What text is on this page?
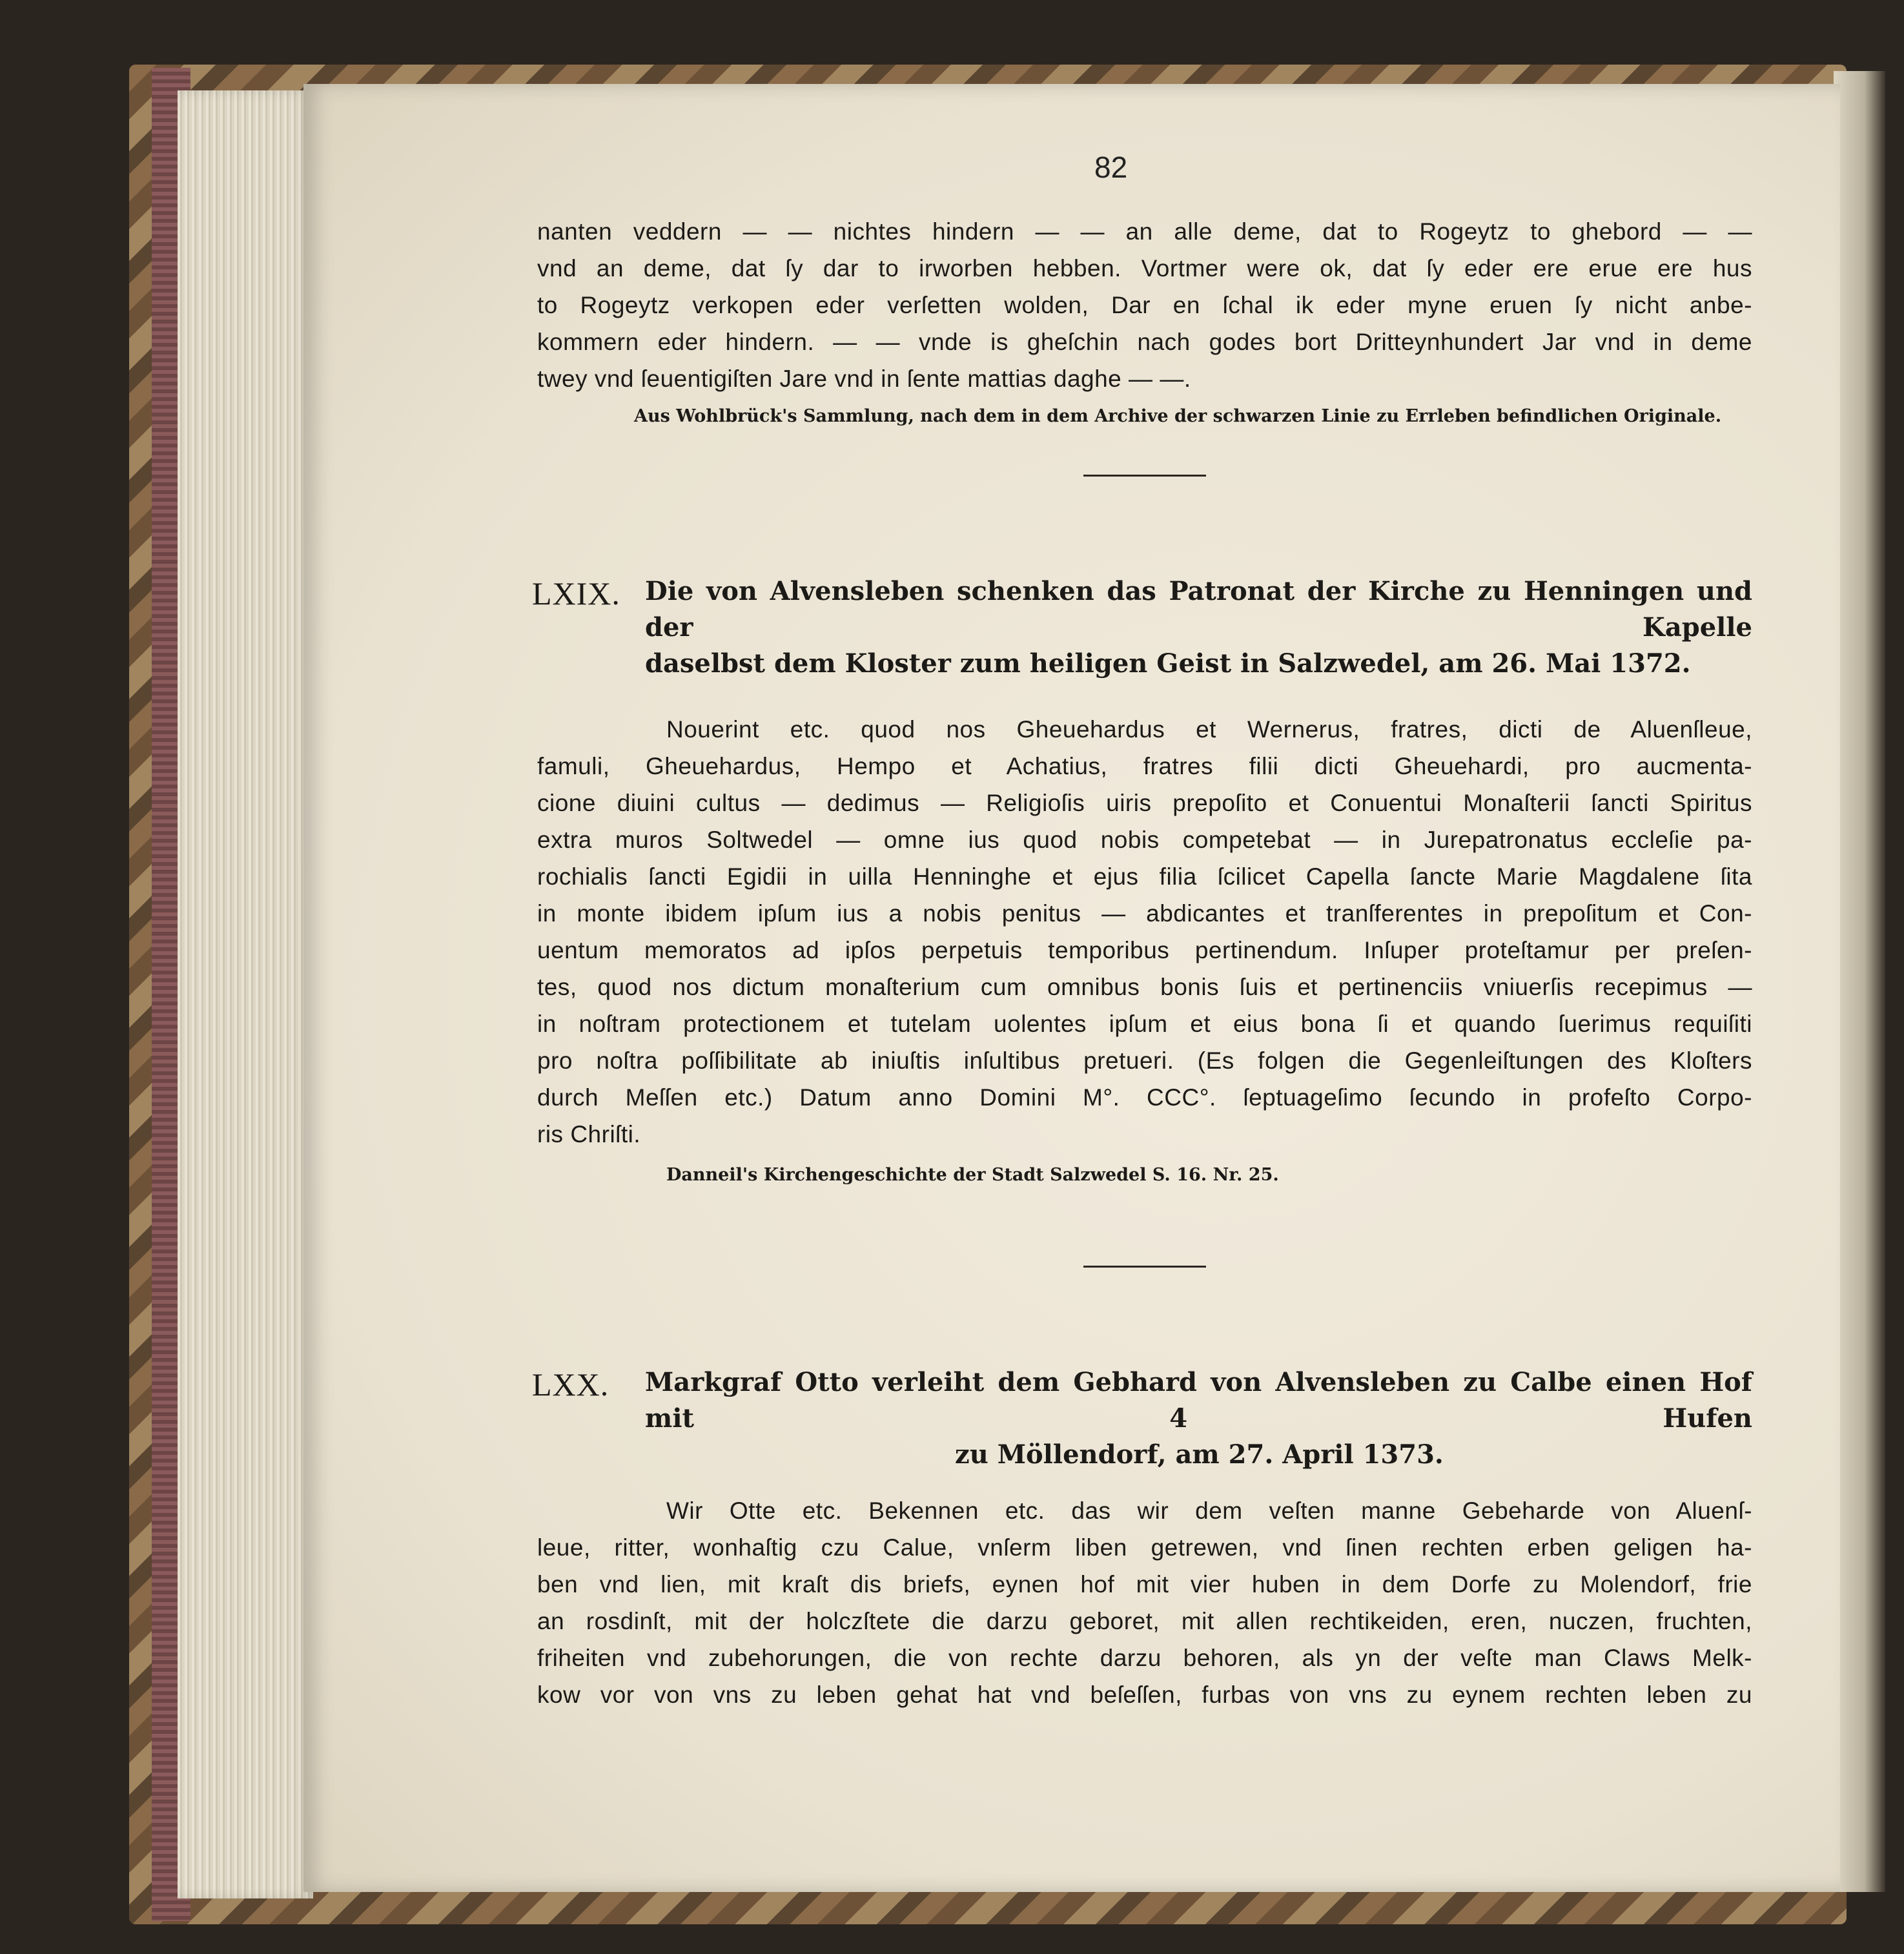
82

nanten veddern — — nichtes hindern — — an alle deme, dat to Rogeytz to ghebord — —
vnd an deme, dat ſy dar to irworben hebben. Vortmer were ok, dat ſy eder ere erue ere hus
to Rogeytz verkopen eder verſetten wolden, Dar en ſchal ik eder myne eruen ſy nicht anbe-
kommern eder hindern. — — vnde is gheſchin nach godes bort Dritteynhundert Jar vnd in deme
twey vnd ſeuentigiſten Jare vnd in ſente mattias daghe — —.

Aus Wohlbrück's Sammlung, nach dem in dem Archive der schwarzen Linie zu Errleben befindlichen Originale.

LXIX. Die von Alvensleben schenken das Patronat der Kirche zu Henningen und der Kapelle
daselbst dem Kloster zum heiligen Geist in Salzwedel, am 26. Mai 1372.

Nouerint etc. quod nos Gheuehardus et Wernerus, fratres, dicti de Aluenſleue,
famuli, Gheuehardus, Hempo et Achatius, fratres filii dicti Gheuehardi, pro aucmenta-
cione diuini cultus — dedimus — Religioſis uiris prepoſito et Conuentui Monaſterii ſancti Spiritus
extra muros Soltwedel — omne ius quod nobis competebat — in Jurepatronatus eccleſie pa-
rochialis ſancti Egidii in uilla Henninghe et ejus filia ſcilicet Capella ſancte Marie Magdalene ſita
in monte ibidem ipſum ius a nobis penitus — abdicantes et tranſferentes in prepoſitum et Con-
uentum memoratos ad ipſos perpetuis temporibus pertinendum. Inſuper proteſtamur per preſen-
tes, quod nos dictum monaſterium cum omnibus bonis ſuis et pertinenciis vniuerſis recepimus —
in noſtram protectionem et tutelam uolentes ipſum et eius bona ſi et quando ſuerimus requiſiti
pro noſtra poſſibilitate ab iniuſtis inſultibus pretueri. (Es folgen die Gegenleiſtungen des Kloſters
durch Meſſen etc.) Datum anno Domini M°. CCC°. ſeptuageſimo ſecundo in profeſto Corpo-
ris Chriſti.

Danneil's Kirchengeschichte der Stadt Salzwedel S. 16. Nr. 25.

LXX.	Markgraf Otto verleiht dem Gebhard von Alvensleben zu Calbe einen Hof mit 4 Hufen
zu Möllendorf, am 27. April 1373.

Wir Otte etc. Bekennen etc. das wir dem veſten manne Gebeharde von Aluenſ-
leue, ritter, wonhaſtig czu Calue, vnſerm liben getrewen, vnd ſinen rechten erben geligen ha-
ben vnd lien, mit kraſt dis briefs, eynen hof mit vier huben in dem Dorfe zu Molendorf, frie
an rosdinſt, mit der holczſtete die darzu geboret, mit allen rechtikeiden, eren, nuczen, fruchten,
friheiten vnd zubehorungen, die von rechte darzu behoren, als yn der veſte man Claws Melk-
kow vor von vns zu leben gehat hat vnd beſeſſen, furbas von vns zu eynem rechten leben zu
